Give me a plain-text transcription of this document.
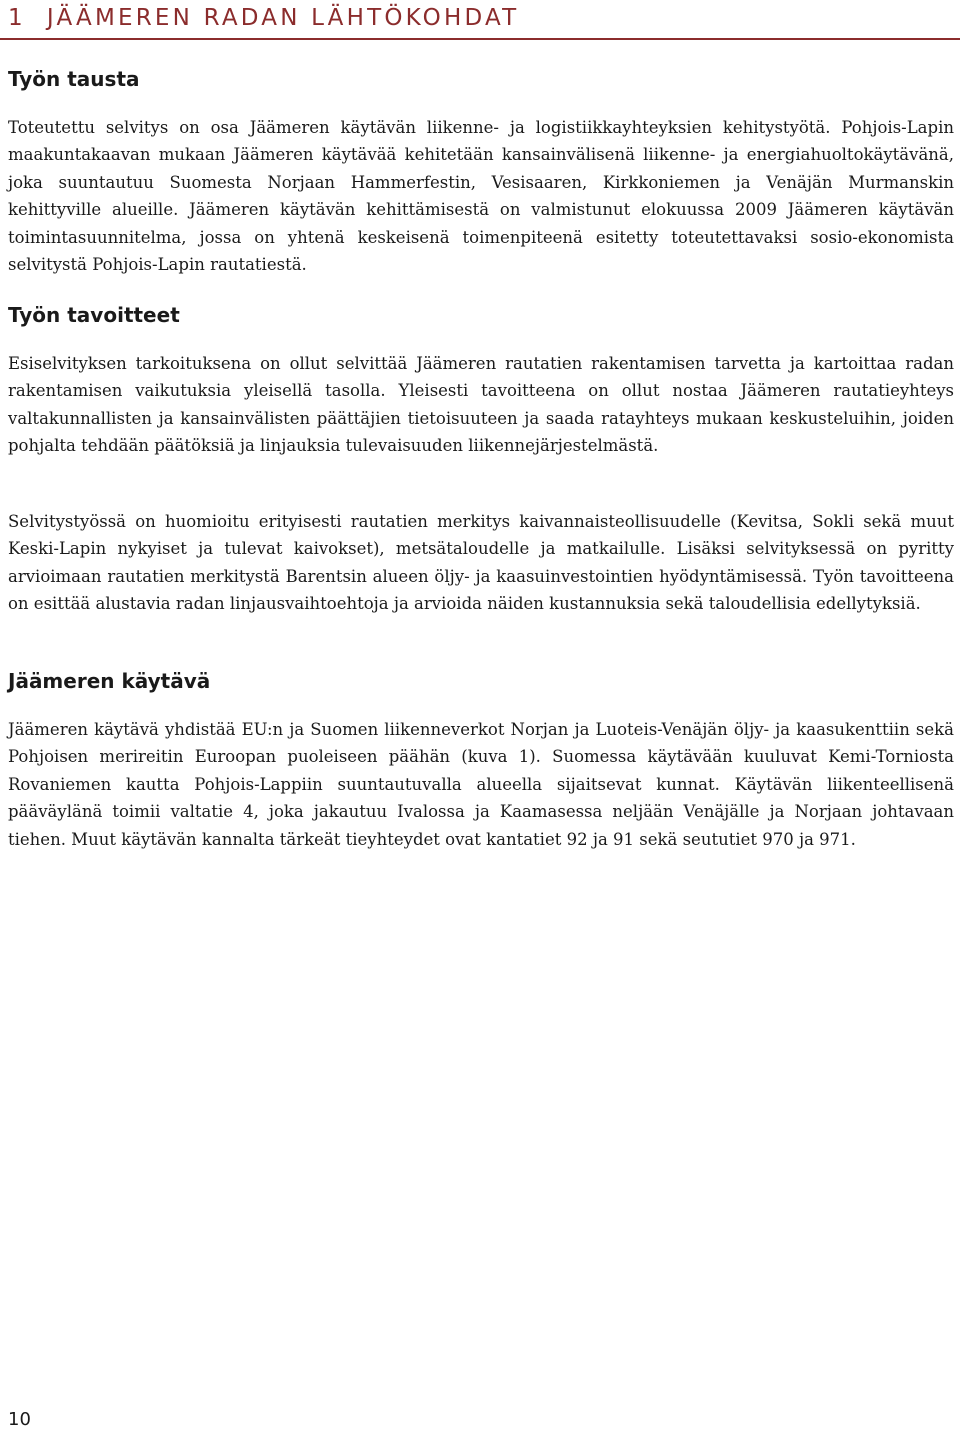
1 JÄÄMEREN RADAN LÄHTÖKOHDAT
Työn tausta

Toteutettu selvitys on osa Jäämeren käytävän liikenne- ja logistiikkayhteyksien kehitystyötä. Pohjois-Lapin maakuntakaavan mukaan Jäämeren käytävää kehitetään kansainvälisenä liikenne- ja energiahuoltokäytävänä, joka suuntautuu Suomesta Norjaan Hammerfestin, Vesisaaren, Kirkkoniemen ja Venäjän Murmanskin kehittyville alueille. Jäämeren käytävän kehittämisestä on valmistunut elokuussa 2009 Jäämeren käytävän toimintasuunnitelma, jossa on yhtenä keskeisenä toimenpiteenä esitetty toteutettavaksi sosio-ekonomista selvitystä Pohjois-Lapin rautatiestä.

Työn tavoitteet

Esiselvityksen tarkoituksena on ollut selvittää Jäämeren rautatien rakentamisen tarvetta ja kartoittaa radan rakentamisen vaikutuksia yleisellä tasolla. Yleisesti tavoitteena on ollut nostaa Jäämeren rautatieyhteys valtakunnallisten ja kansainvälisten päättäjien tietoisuuteen ja saada ratayhteys mukaan keskusteluihin, joiden pohjalta tehdään päätöksiä ja linjauksia tulevaisuuden liikennejärjestelmästä.

Selvitystyössä on huomioitu erityisesti rautatien merkitys kaivannaisteollisuudelle (Kevitsa, Sokli sekä muut Keski-Lapin nykyiset ja tulevat kaivokset), metsätaloudelle ja matkailulle. Lisäksi selvityksessä on pyritty arvioimaan rautatien merkitystä Barentsin alueen öljy- ja kaasuinvestointien hyödyntämisessä. Työn tavoitteena on esittää alustavia radan linjausvaihtoehtoja ja arvioida näiden kustannuksia sekä taloudellisia edellytyksiä.

Jäämeren käytävä

Jäämeren käytävä yhdistää EU:n ja Suomen liikenneverkot Norjan ja Luoteis-Venäjän öljy- ja kaasukenttiin sekä Pohjoisen merireitin Euroopan puoleiseen päähän (kuva 1). Suomessa käytävään kuuluvat Kemi-Torniosta Rovaniemen kautta Pohjois-Lappiin suuntautuvalla alueella sijaitsevat kunnat. Käytävän liikenteellisenä pääväylänä toimii valtatie 4, joka jakautuu Ivalossa ja Kaamasessa neljään Venäjälle ja Norjaan johtavaan tiehen. Muut käytävän kannalta tärkeät tieyhteydet ovat kantatiet 92 ja 91 sekä seututiet 970 ja 971.

10
